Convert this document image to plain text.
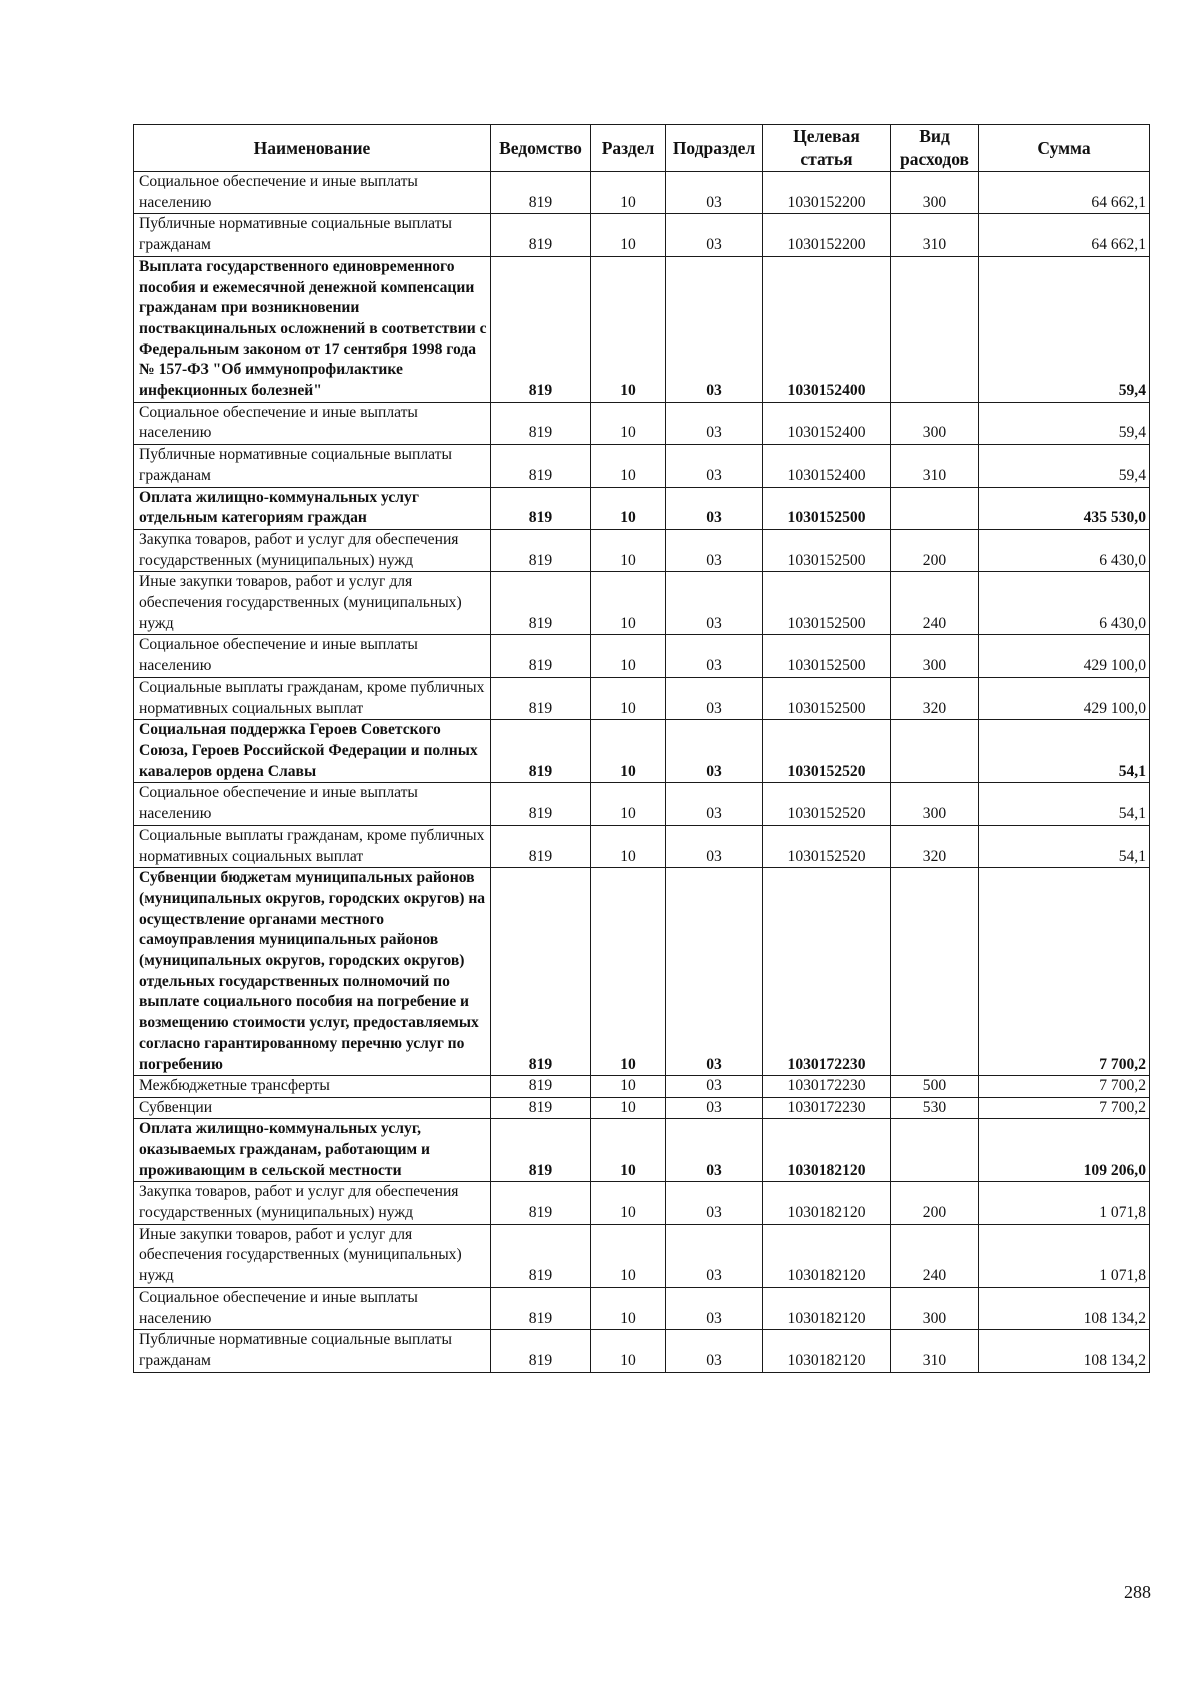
Наименование	Ведомство	Раздел	Подраздел	Целевая статья	Вид расходов	Сумма
Социальное обеспечение и иные выплаты населению	819	10	03	1030152200	300	64 662,1
Публичные нормативные социальные выплаты гражданам	819	10	03	1030152200	310	64 662,1
Выплата государственного единовременного пособия и ежемесячной денежной компенсации гражданам при возникновении поствакцинальных осложнений в соответствии с Федеральным законом от 17 сентября 1998 года № 157-ФЗ "Об иммунопрофилактике инфекционных болезней"	819	10	03	1030152400		59,4
Социальное обеспечение и иные выплаты населению	819	10	03	1030152400	300	59,4
Публичные нормативные социальные выплаты гражданам	819	10	03	1030152400	310	59,4
Оплата жилищно-коммунальных услуг отдельным категориям граждан	819	10	03	1030152500		435 530,0
Закупка товаров, работ и услуг для обеспечения государственных (муниципальных) нужд	819	10	03	1030152500	200	6 430,0
Иные закупки товаров, работ и услуг для обеспечения государственных (муниципальных) нужд	819	10	03	1030152500	240	6 430,0
Социальное обеспечение и иные выплаты населению	819	10	03	1030152500	300	429 100,0
Социальные выплаты гражданам, кроме публичных нормативных социальных выплат	819	10	03	1030152500	320	429 100,0
Социальная поддержка Героев Советского Союза, Героев Российской Федерации и полных кавалеров ордена Славы	819	10	03	1030152520		54,1
Социальное обеспечение и иные выплаты населению	819	10	03	1030152520	300	54,1
Социальные выплаты гражданам, кроме публичных нормативных социальных выплат	819	10	03	1030152520	320	54,1
Субвенции бюджетам муниципальных районов (муниципальных округов, городских округов) на осуществление органами местного самоуправления муниципальных районов (муниципальных округов, городских округов) отдельных государственных полномочий по выплате социального пособия на погребение и возмещению стоимости услуг, предоставляемых согласно гарантированному перечню услуг по погребению	819	10	03	1030172230		7 700,2
Межбюджетные трансферты	819	10	03	1030172230	500	7 700,2
Субвенции	819	10	03	1030172230	530	7 700,2
Оплата жилищно-коммунальных услуг, оказываемых гражданам, работающим и проживающим в сельской местности	819	10	03	1030182120		109 206,0
Закупка товаров, работ и услуг для обеспечения государственных (муниципальных) нужд	819	10	03	1030182120	200	1 071,8
Иные закупки товаров, работ и услуг для обеспечения государственных (муниципальных) нужд	819	10	03	1030182120	240	1 071,8
Социальное обеспечение и иные выплаты населению	819	10	03	1030182120	300	108 134,2
Публичные нормативные социальные выплаты гражданам	819	10	03	1030182120	310	108 134,2
288
